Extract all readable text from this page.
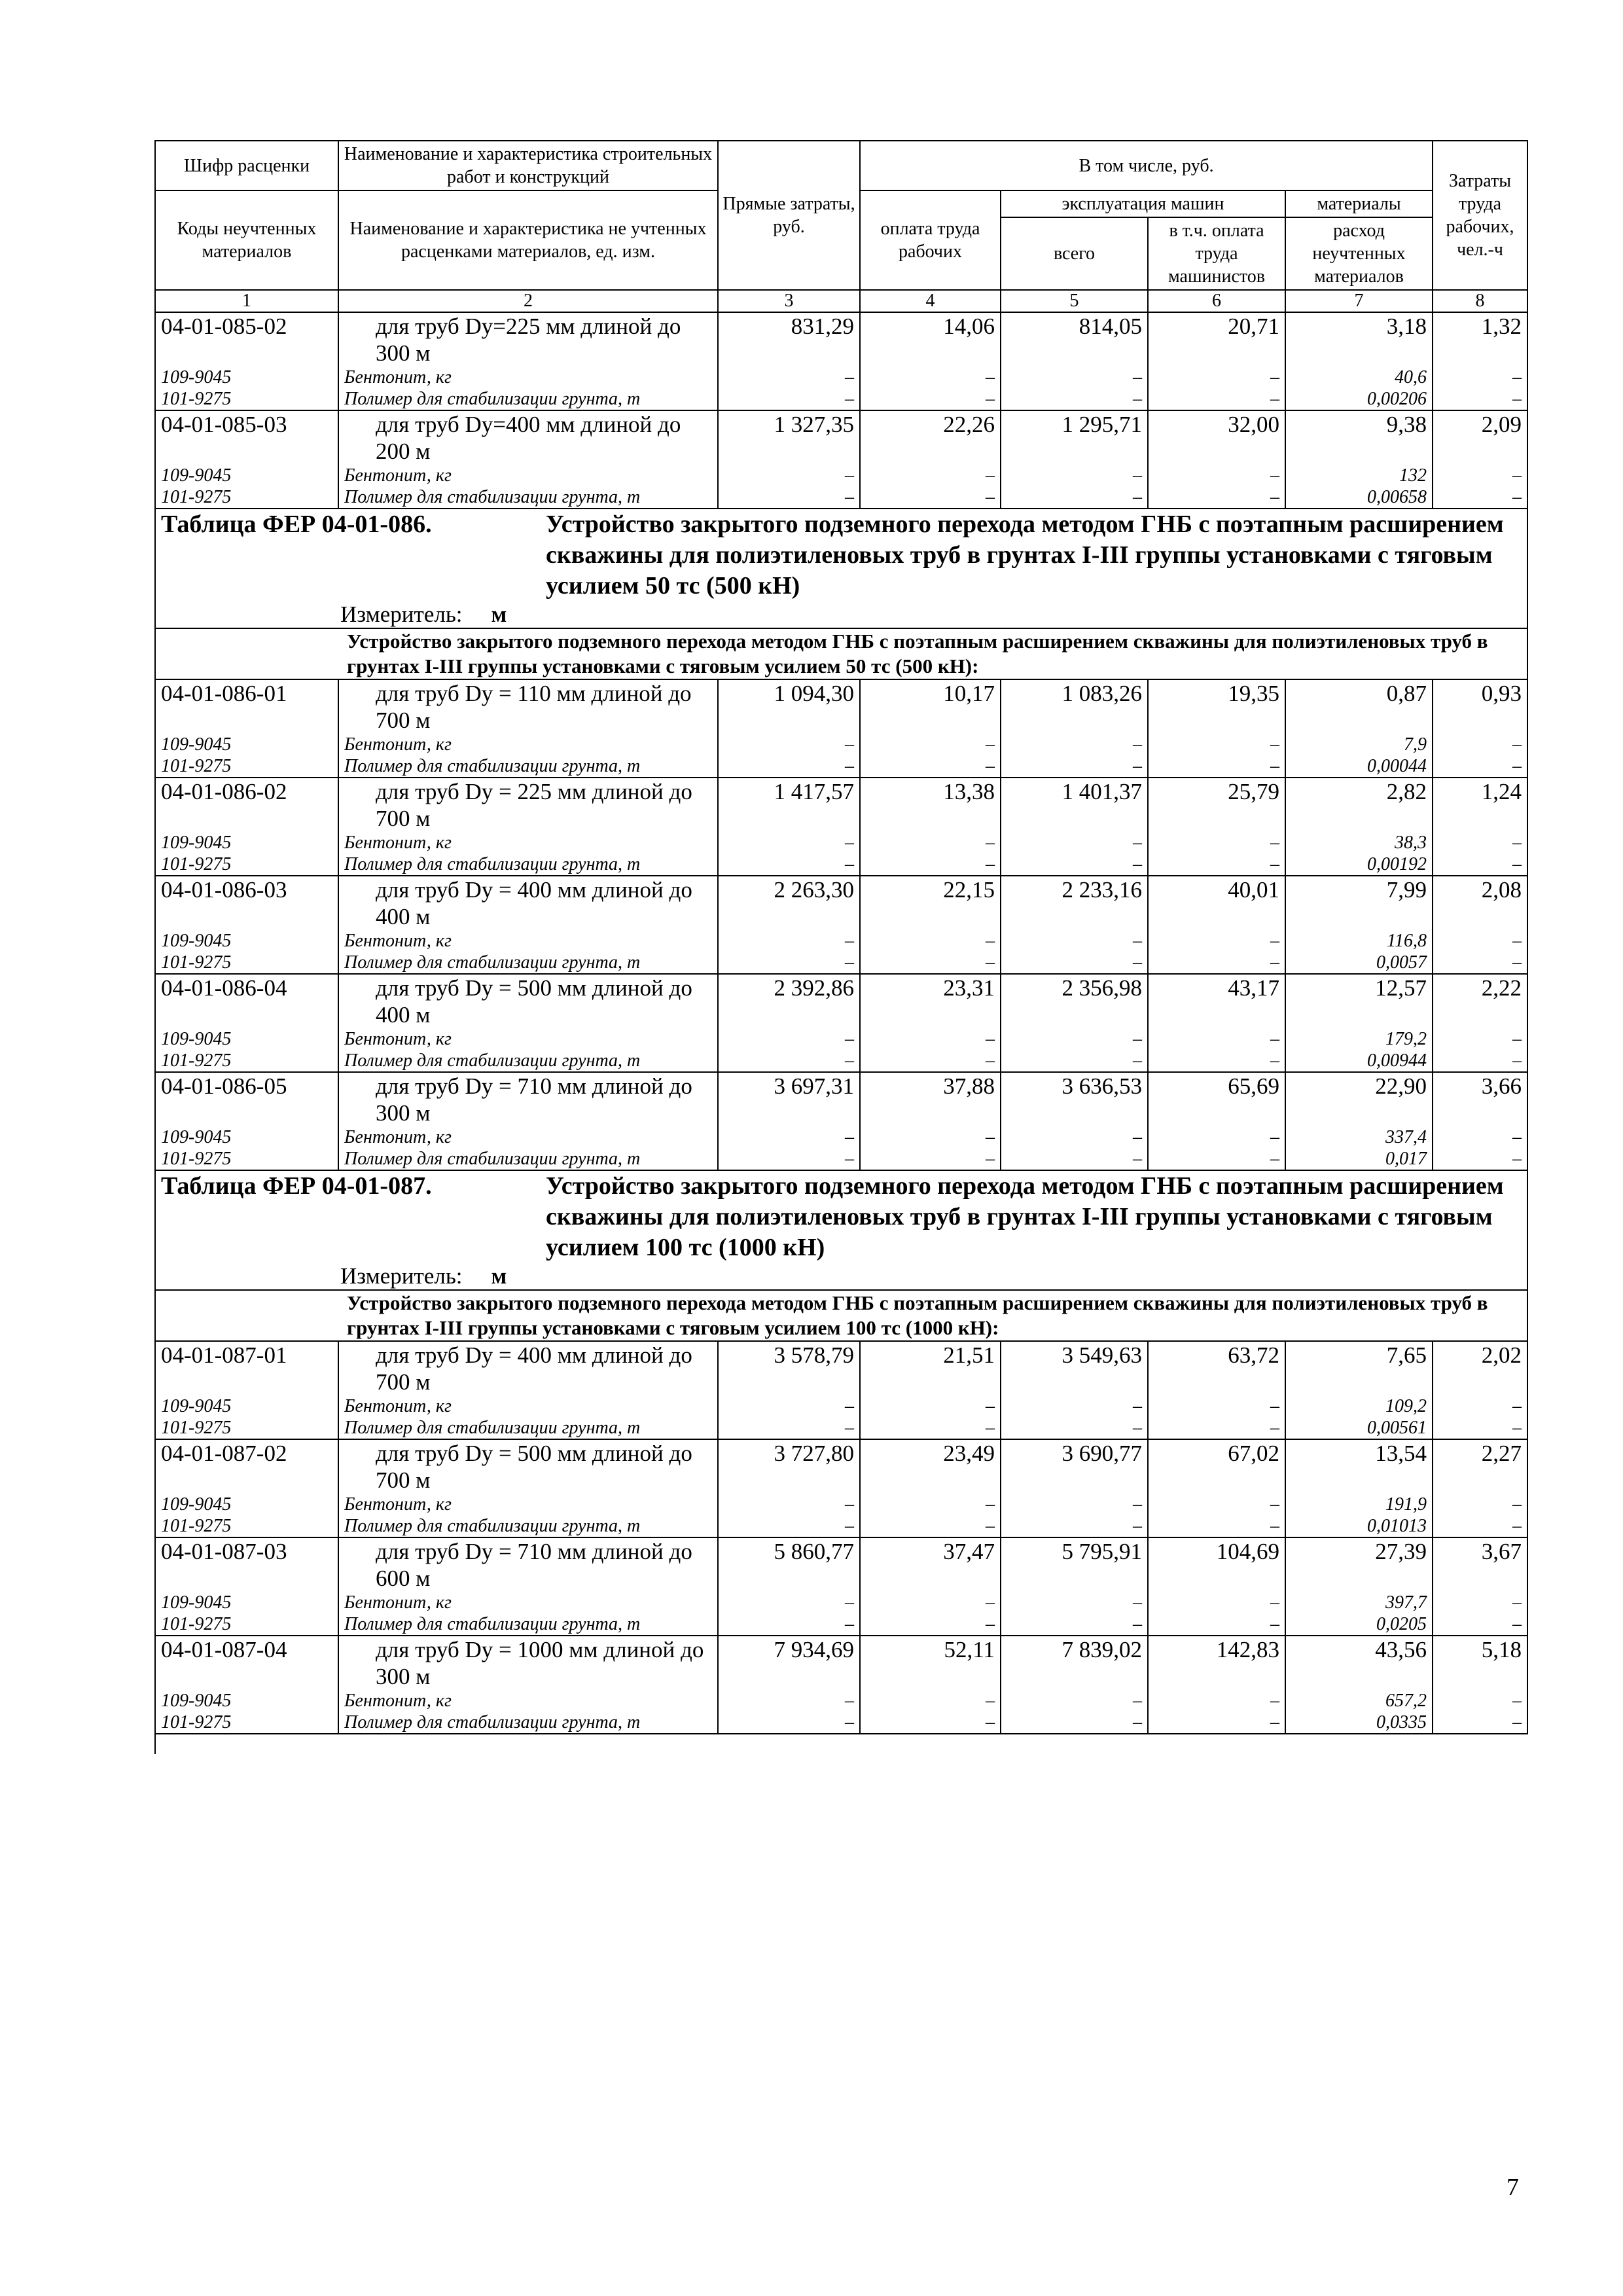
Шифр расценки	Наименование и характеристика строительных работ и конструкций	Прямые затраты, руб.	В том числе, руб.				Затраты труда рабочих, чел.-ч
Коды неучтенных материалов	Наименование и характеристика не учтенных расценками материалов, ед. изм.		оплата труда рабочих	эксплуатация машин		материалы	
				всего	в т.ч. оплата труда машинистов	расход неучтенных материалов	
1	2	3	4	5	6	7	8
04-01-085-02	для труб Dy=225 мм длиной до 300 м	831,29	14,06	814,05	20,71	3,18	1,32
109-9045	Бентонит, кг	–	–	–	–	40,6	–
101-9275	Полимер для стабилизации грунта, т	–	–	–	–	0,00206	–
04-01-085-03	для труб Dy=400 мм длиной до 200 м	1 327,35	22,26	1 295,71	32,00	9,38	2,09
109-9045	Бентонит, кг	–	–	–	–	132	–
101-9275	Полимер для стабилизации грунта, т	–	–	–	–	0,00658	–
Таблица ФЕР 04-01-086. Устройство закрытого подземного перехода методом ГНБ с поэтапным расширением скважины для полиэтиленовых труб в грунтах I-III группы установками с тяговым усилием 50 тс (500 кН)							
Измеритель: м							
Устройство закрытого подземного перехода методом ГНБ с поэтапным расширением скважины для полиэтиленовых труб в грунтах I-III группы установками с тяговым усилием 50 тс (500 кН):							
04-01-086-01	для труб Dy = 110 мм длиной до 700 м	1 094,30	10,17	1 083,26	19,35	0,87	0,93
109-9045	Бентонит, кг	–	–	–	–	7,9	–
101-9275	Полимер для стабилизации грунта, т	–	–	–	–	0,00044	–
04-01-086-02	для труб Dy = 225 мм длиной до 700 м	1 417,57	13,38	1 401,37	25,79	2,82	1,24
109-9045	Бентонит, кг	–	–	–	–	38,3	–
101-9275	Полимер для стабилизации грунта, т	–	–	–	–	0,00192	–
04-01-086-03	для труб Dy = 400 мм длиной до 400 м	2 263,30	22,15	2 233,16	40,01	7,99	2,08
109-9045	Бентонит, кг	–	–	–	–	116,8	–
101-9275	Полимер для стабилизации грунта, т	–	–	–	–	0,0057	–
04-01-086-04	для труб Dy = 500 мм длиной до 400 м	2 392,86	23,31	2 356,98	43,17	12,57	2,22
109-9045	Бентонит, кг	–	–	–	–	179,2	–
101-9275	Полимер для стабилизации грунта, т	–	–	–	–	0,00944	–
04-01-086-05	для труб Dy = 710 мм длиной до 300 м	3 697,31	37,88	3 636,53	65,69	22,90	3,66
109-9045	Бентонит, кг	–	–	–	–	337,4	–
101-9275	Полимер для стабилизации грунта, т	–	–	–	–	0,017	–
Таблица ФЕР 04-01-087. Устройство закрытого подземного перехода методом ГНБ с поэтапным расширением скважины для полиэтиленовых труб в грунтах I-III группы установками с тяговым усилием 100 тс (1000 кН)							
Измеритель: м							
Устройство закрытого подземного перехода методом ГНБ с поэтапным расширением скважины для полиэтиленовых труб в грунтах I-III группы установками с тяговым усилием 100 тс (1000 кН):							
04-01-087-01	для труб Dy = 400 мм длиной до 700 м	3 578,79	21,51	3 549,63	63,72	7,65	2,02
109-9045	Бентонит, кг	–	–	–	–	109,2	–
101-9275	Полимер для стабилизации грунта, т	–	–	–	–	0,00561	–
04-01-087-02	для труб Dy = 500 мм длиной до 700 м	3 727,80	23,49	3 690,77	67,02	13,54	2,27
109-9045	Бентонит, кг	–	–	–	–	191,9	–
101-9275	Полимер для стабилизации грунта, т	–	–	–	–	0,01013	–
04-01-087-03	для труб Dy = 710 мм длиной до 600 м	5 860,77	37,47	5 795,91	104,69	27,39	3,67
109-9045	Бентонит, кг	–	–	–	–	397,7	–
101-9275	Полимер для стабилизации грунта, т	–	–	–	–	0,0205	–
04-01-087-04	для труб Dy = 1000 мм длиной до 300 м	7 934,69	52,11	7 839,02	142,83	43,56	5,18
109-9045	Бентонит, кг	–	–	–	–	657,2	–
101-9275	Полимер для стабилизации грунта, т	–	–	–	–	0,0335	–

7
